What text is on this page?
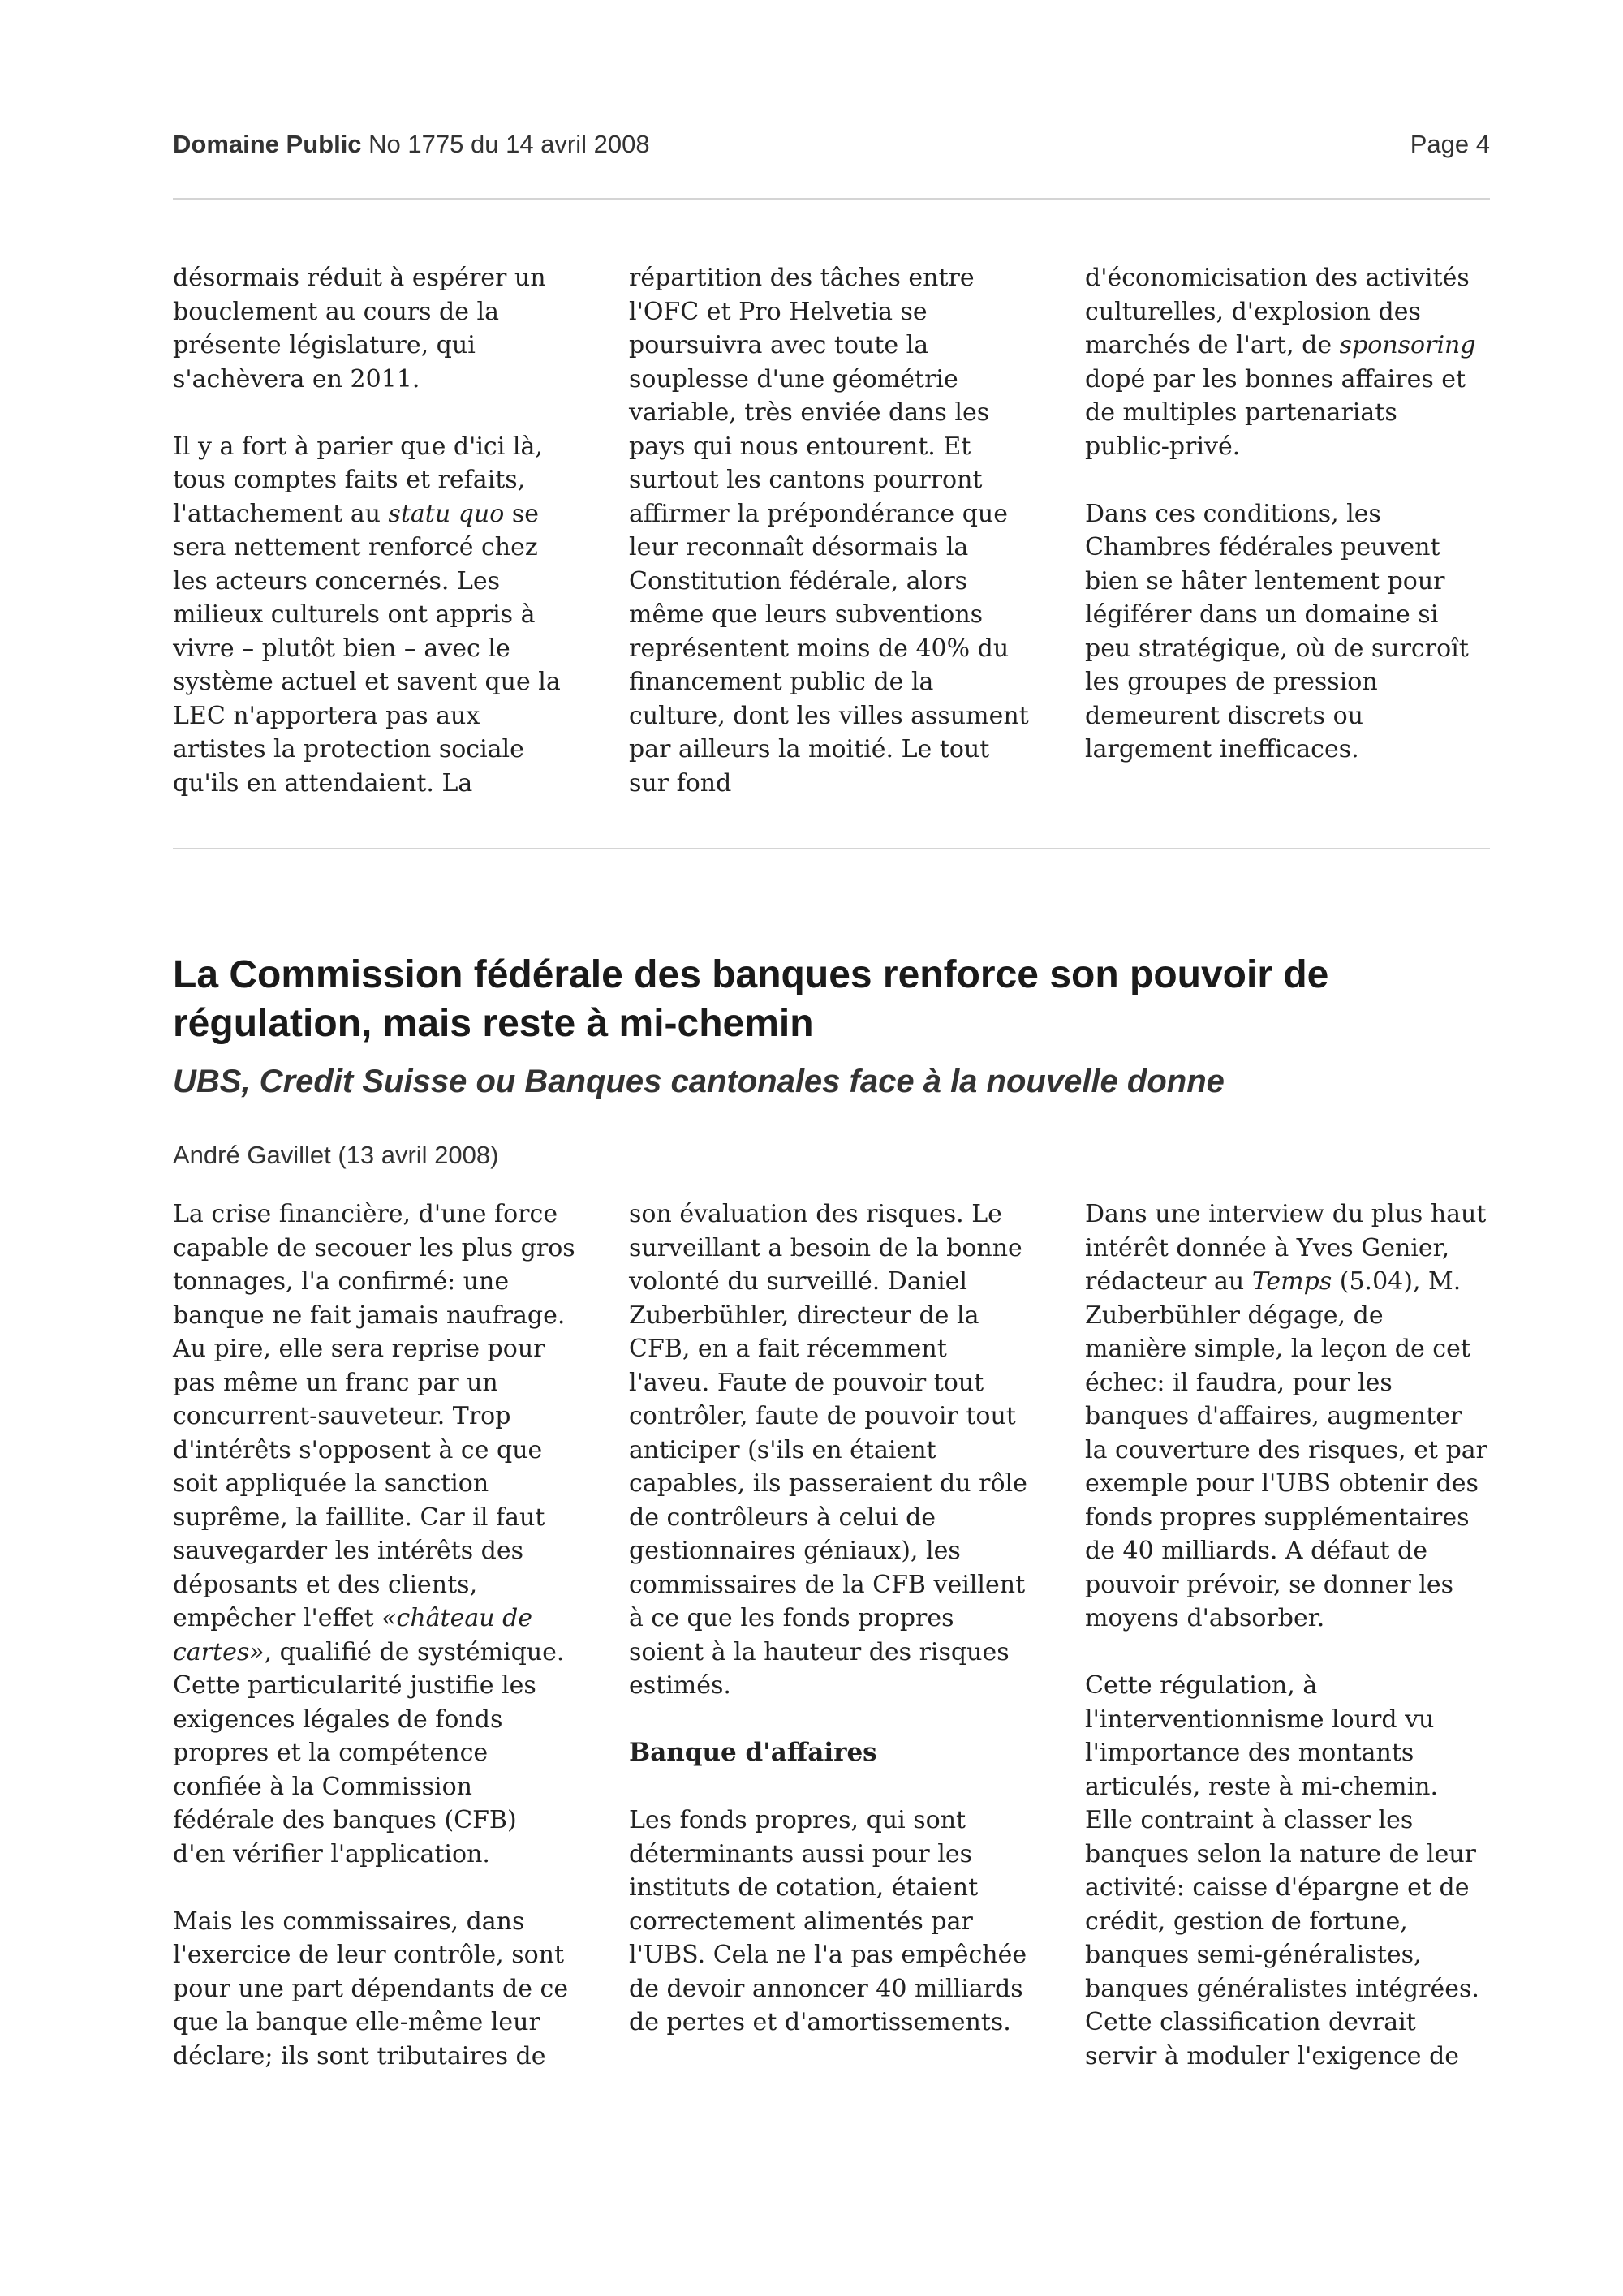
Domaine Public No 1775 du 14 avril 2008	Page 4

désormais réduit à espérer un bouclement au cours de la présente législature, qui s'achèvera en 2011.

Il y a fort à parier que d'ici là, tous comptes faits et refaits, l'attachement au statu quo se sera nettement renforcé chez les acteurs concernés. Les milieux culturels ont appris à vivre – plutôt bien – avec le système actuel et savent que la LEC n'apportera pas aux artistes la protection sociale qu'ils en attendaient. La

répartition des tâches entre l'OFC et Pro Helvetia se poursuivra avec toute la souplesse d'une géométrie variable, très enviée dans les pays qui nous entourent. Et surtout les cantons pourront affirmer la prépondérance que leur reconnaît désormais la Constitution fédérale, alors même que leurs subventions représentent moins de 40% du financement public de la culture, dont les villes assument par ailleurs la moitié. Le tout sur fond

d'économicisation des activités culturelles, d'explosion des marchés de l'art, de sponsoring dopé par les bonnes affaires et de multiples partenariats public-privé.

Dans ces conditions, les Chambres fédérales peuvent bien se hâter lentement pour légiférer dans un domaine si peu stratégique, où de surcroît les groupes de pression demeurent discrets ou largement inefficaces.

La Commission fédérale des banques renforce son pouvoir de régulation, mais reste à mi-chemin
UBS, Credit Suisse ou Banques cantonales face à la nouvelle donne
André Gavillet (13 avril 2008)

La crise financière, d'une force capable de secouer les plus gros tonnages, l'a confirmé: une banque ne fait jamais naufrage. Au pire, elle sera reprise pour pas même un franc par un concurrent-sauveteur. Trop d'intérêts s'opposent à ce que soit appliquée la sanction suprême, la faillite. Car il faut sauvegarder les intérêts des déposants et des clients, empêcher l'effet «château de cartes», qualifié de systémique. Cette particularité justifie les exigences légales de fonds propres et la compétence confiée à la Commission fédérale des banques (CFB) d'en vérifier l'application.

Mais les commissaires, dans l'exercice de leur contrôle, sont pour une part dépendants de ce que la banque elle-même leur déclare; ils sont tributaires de

son évaluation des risques. Le surveillant a besoin de la bonne volonté du surveillé. Daniel Zuberbühler, directeur de la CFB, en a fait récemment l'aveu. Faute de pouvoir tout contrôler, faute de pouvoir tout anticiper (s'ils en étaient capables, ils passeraient du rôle de contrôleurs à celui de gestionnaires géniaux), les commissaires de la CFB veillent à ce que les fonds propres soient à la hauteur des risques estimés.

Banque d'affaires

Les fonds propres, qui sont déterminants aussi pour les instituts de cotation, étaient correctement alimentés par l'UBS. Cela ne l'a pas empêchée de devoir annoncer 40 milliards de pertes et d'amortissements.

Dans une interview du plus haut intérêt donnée à Yves Genier, rédacteur au Temps (5.04), M. Zuberbühler dégage, de manière simple, la leçon de cet échec: il faudra, pour les banques d'affaires, augmenter la couverture des risques, et par exemple pour l'UBS obtenir des fonds propres supplémentaires de 40 milliards. A défaut de pouvoir prévoir, se donner les moyens d'absorber.

Cette régulation, à l'interventionnisme lourd vu l'importance des montants articulés, reste à mi-chemin. Elle contraint à classer les banques selon la nature de leur activité: caisse d'épargne et de crédit, gestion de fortune, banques semi-généralistes, banques généralistes intégrées. Cette classification devrait servir à moduler l'exigence de
